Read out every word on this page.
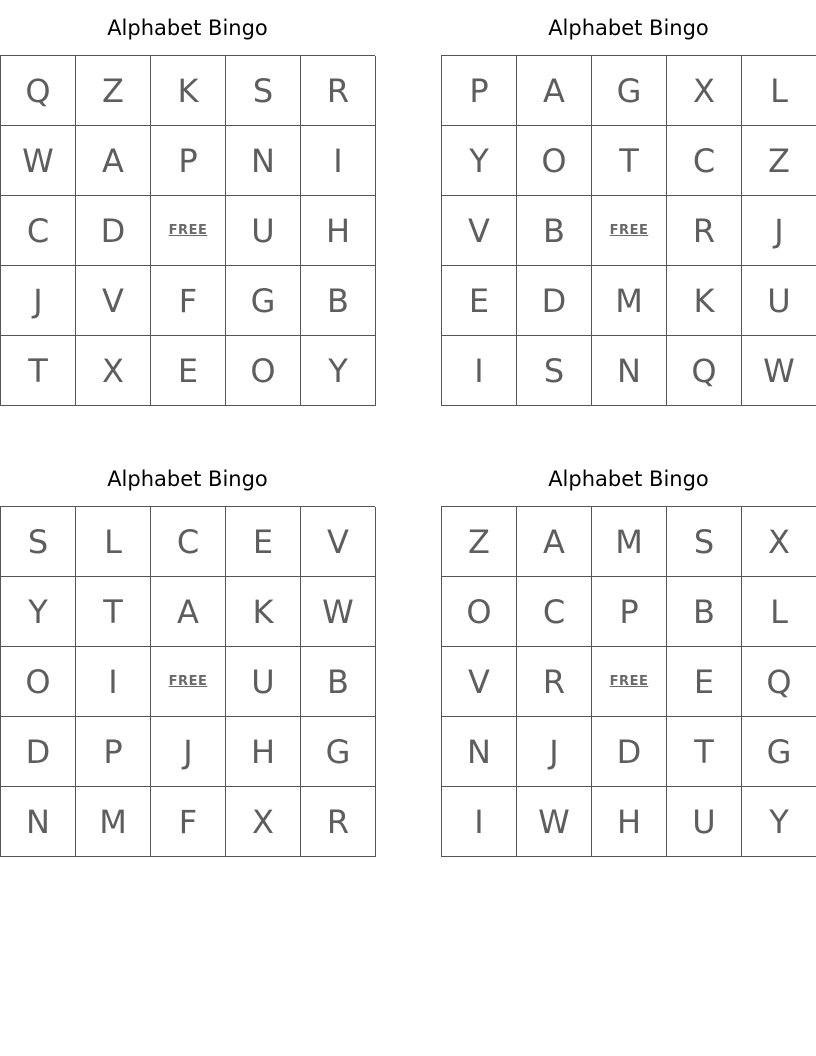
Alphabet Bingo
Q	Z	K	S	R
W	A	P	N	I
C	D	FREE	U	H
J	V	F	G	B
T	X	E	O	Y
Alphabet Bingo
P	A	G	X	L
Y	O	T	C	Z
V	B	FREE	R	J
E	D	M	K	U
I	S	N	Q	W
Alphabet Bingo
S	L	C	E	V
Y	T	A	K	W
O	I	FREE	U	B
D	P	J	H	G
N	M	F	X	R
Alphabet Bingo
Z	A	M	S	X
O	C	P	B	L
V	R	FREE	E	Q
N	J	D	T	G
I	W	H	U	Y
